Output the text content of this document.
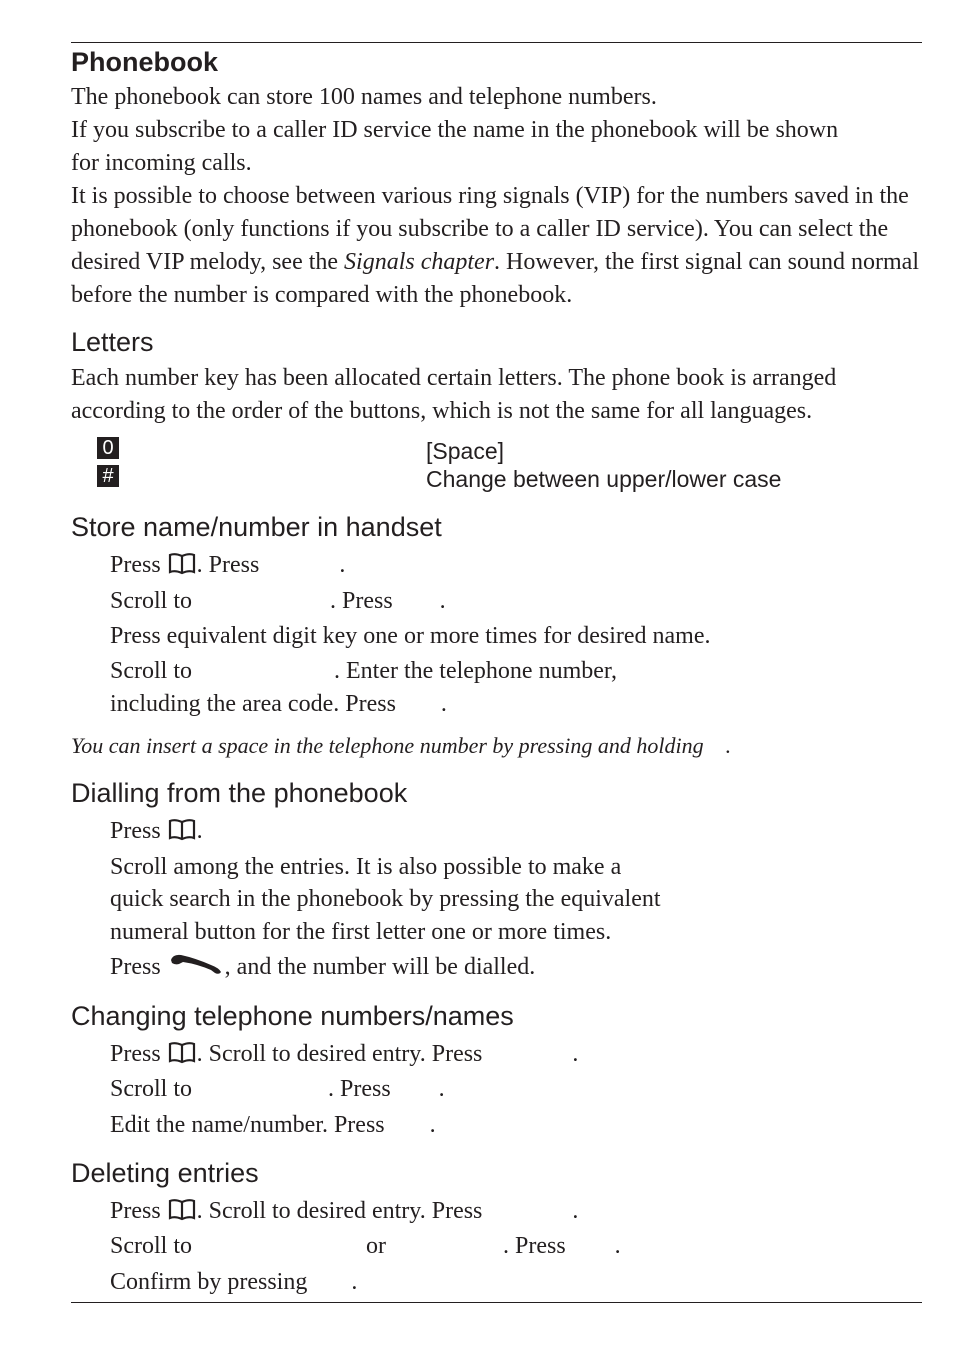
Phonebook

The phonebook can store 100 names and telephone numbers.

If you subscribe to a caller ID service the name in the phonebook will be shown for incoming calls.

It is possible to choose between various ring signals (VIP) for the numbers saved in the phonebook (only functions if you subscribe to a caller ID service). You can select the desired VIP melody, see the Signals chapter. However, the first signal can sound normal before the number is compared with the phonebook.

Letters

Each number key has been allocated certain letters. The phone book is arranged according to the order of the buttons, which is not the same for all languages.

0	[Space]
#	Change between upper/lower case
Store name/number in handset
Press . Press	.
Scroll to	. Press .
Press equivalent digit key one or more times for desired name.
Scroll to	. Enter the telephone number,
including the area code. Press .
You can insert a space in the telephone number by pressing and holding .
Dialling from the phonebook
Press .
Scroll among the entries. It is also possible to make a
quick search in the phonebook by pressing the equivalent
numeral button for the first letter one or more times.
Press , and the number will be dialled.
Changing telephone numbers/names
Press . Scroll to desired entry. Press	.
Scroll to	. Press .
Edit the name/number. Press .
Deleting entries
Press . Scroll to desired entry. Press	.
Scroll to	or	. Press .
Confirm by pressing .
